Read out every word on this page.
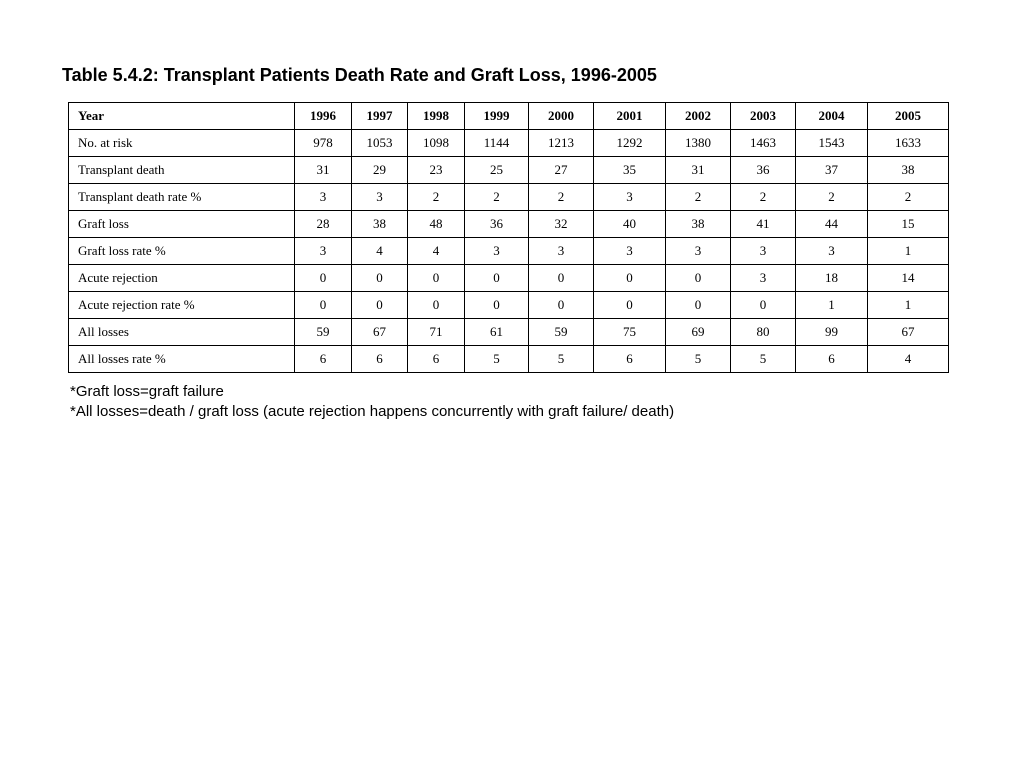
Table 5.4.2: Transplant Patients Death Rate and Graft Loss, 1996-2005
Year	1996	1997	1998	1999	2000	2001	2002	2003	2004	2005
No. at risk	978	1053	1098	1144	1213	1292	1380	1463	1543	1633
Transplant death	31	29	23	25	27	35	31	36	37	38
Transplant death rate %	3	3	2	2	2	3	2	2	2	2
Graft loss	28	38	48	36	32	40	38	41	44	15
Graft loss rate %	3	4	4	3	3	3	3	3	3	1
Acute rejection	0	0	0	0	0	0	0	3	18	14
Acute rejection rate %	0	0	0	0	0	0	0	0	1	1
All losses	59	67	71	61	59	75	69	80	99	67
All losses rate %	6	6	6	5	5	6	5	5	6	4
*Graft loss=graft failure
*All losses=death / graft loss (acute rejection happens concurrently with graft failure/ death)
